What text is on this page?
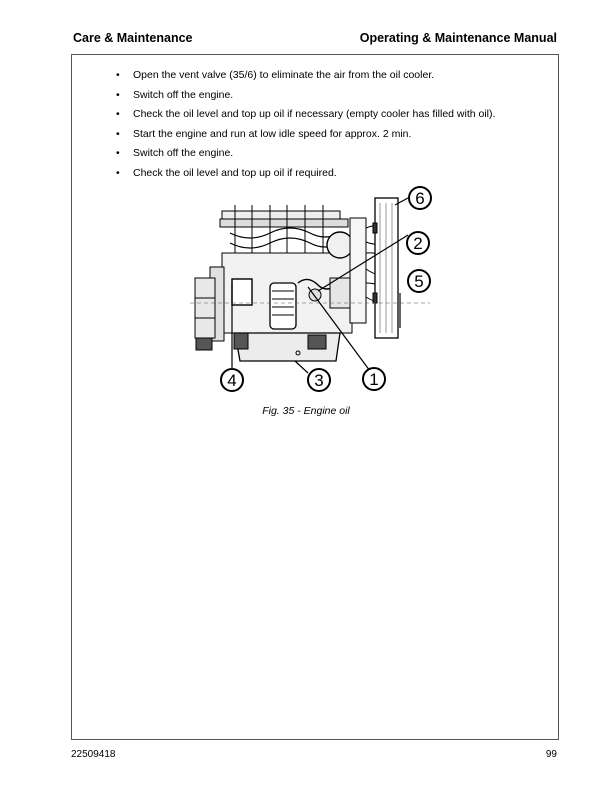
Care & Maintenance	Operating & Maintenance Manual
• Open the vent valve (35/6) to eliminate the air from the oil cooler.
• Switch off the engine.
• Check the oil level and top up oil if necessary (empty cooler has filled with oil).
• Start the engine and run at low idle speed for approx. 2 min.
• Switch off the engine.
• Check the oil level and top up oil if required.
1
2
3
4
5
6
Fig. 35 - Engine oil
22509418	99
